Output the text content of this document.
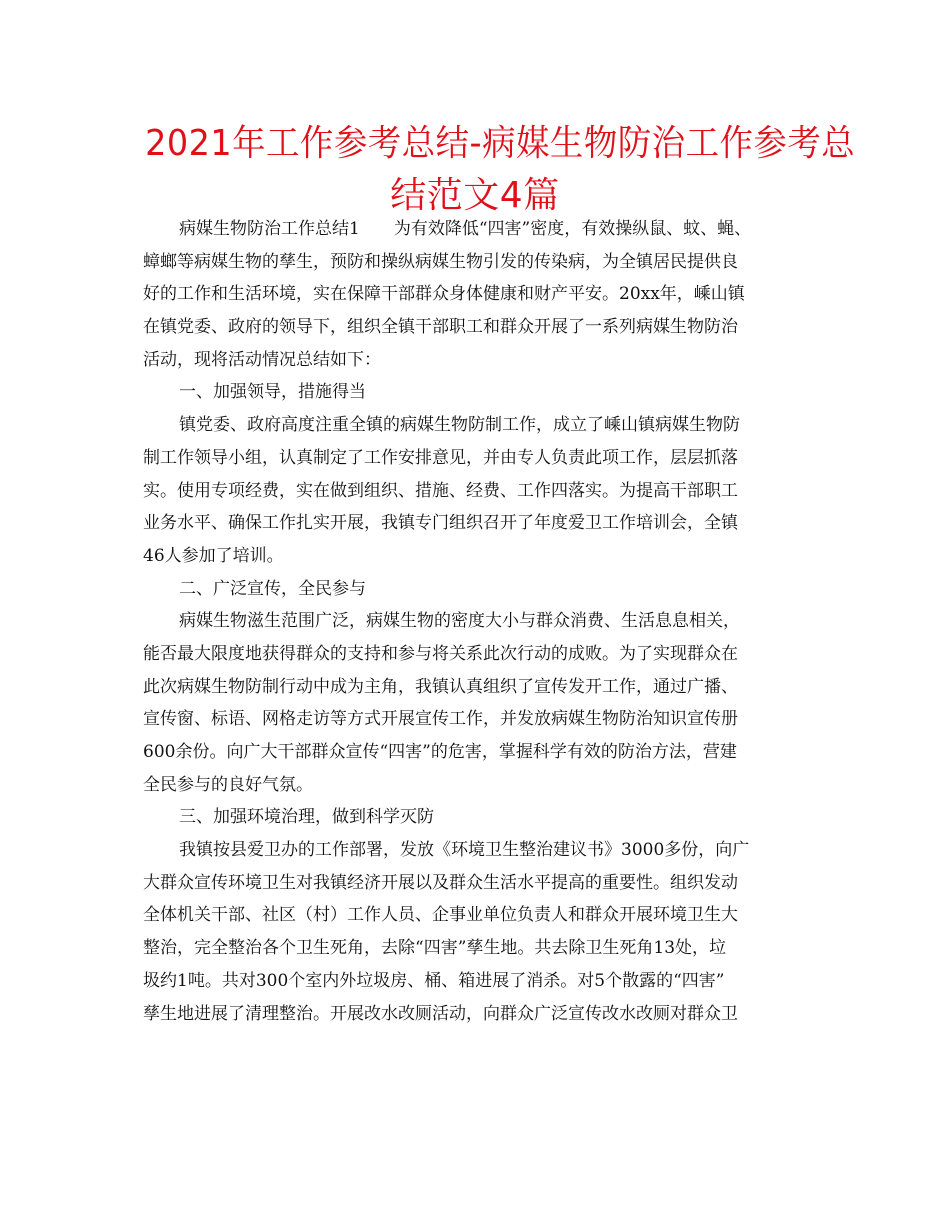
2021年工作参考总结-病媒生物防治工作参考总
结范文4篇
病媒生物防治工作总结1　　为有效降低“四害”密度，有效操纵鼠、蚊、蝇、
蟑螂等病媒生物的孳生，预防和操纵病媒生物引发的传染病，为全镇居民提供良
好的工作和生活环境，实在保障干部群众身体健康和财产平安。20xx年，嵊山镇
在镇党委、政府的领导下，组织全镇干部职工和群众开展了一系列病媒生物防治
活动，现将活动情况总结如下：
一、加强领导，措施得当
镇党委、政府高度注重全镇的病媒生物防制工作，成立了嵊山镇病媒生物防
制工作领导小组，认真制定了工作安排意见，并由专人负责此项工作，层层抓落
实。使用专项经费，实在做到组织、措施、经费、工作四落实。为提高干部职工
业务水平、确保工作扎实开展，我镇专门组织召开了年度爱卫工作培训会，全镇
46人参加了培训。
二、广泛宣传，全民参与
病媒生物滋生范围广泛，病媒生物的密度大小与群众消费、生活息息相关，
能否最大限度地获得群众的支持和参与将关系此次行动的成败。为了实现群众在
此次病媒生物防制行动中成为主角，我镇认真组织了宣传发开工作，通过广播、
宣传窗、标语、网格走访等方式开展宣传工作，并发放病媒生物防治知识宣传册
600余份。向广大干部群众宣传“四害”的危害，掌握科学有效的防治方法，营建
全民参与的良好气氛。
三、加强环境治理，做到科学灭防
我镇按县爱卫办的工作部署，发放《环境卫生整治建议书》3000多份，向广
大群众宣传环境卫生对我镇经济开展以及群众生活水平提高的重要性。组织发动
全体机关干部、社区（村）工作人员、企事业单位负责人和群众开展环境卫生大
整治，完全整治各个卫生死角，去除“四害”孳生地。共去除卫生死角13处，垃
圾约1吨。共对300个室内外垃圾房、桶、箱进展了消杀。对5个散露的“四害”
孳生地进展了清理整治。开展改水改厕活动，向群众广泛宣传改水改厕对群众卫
